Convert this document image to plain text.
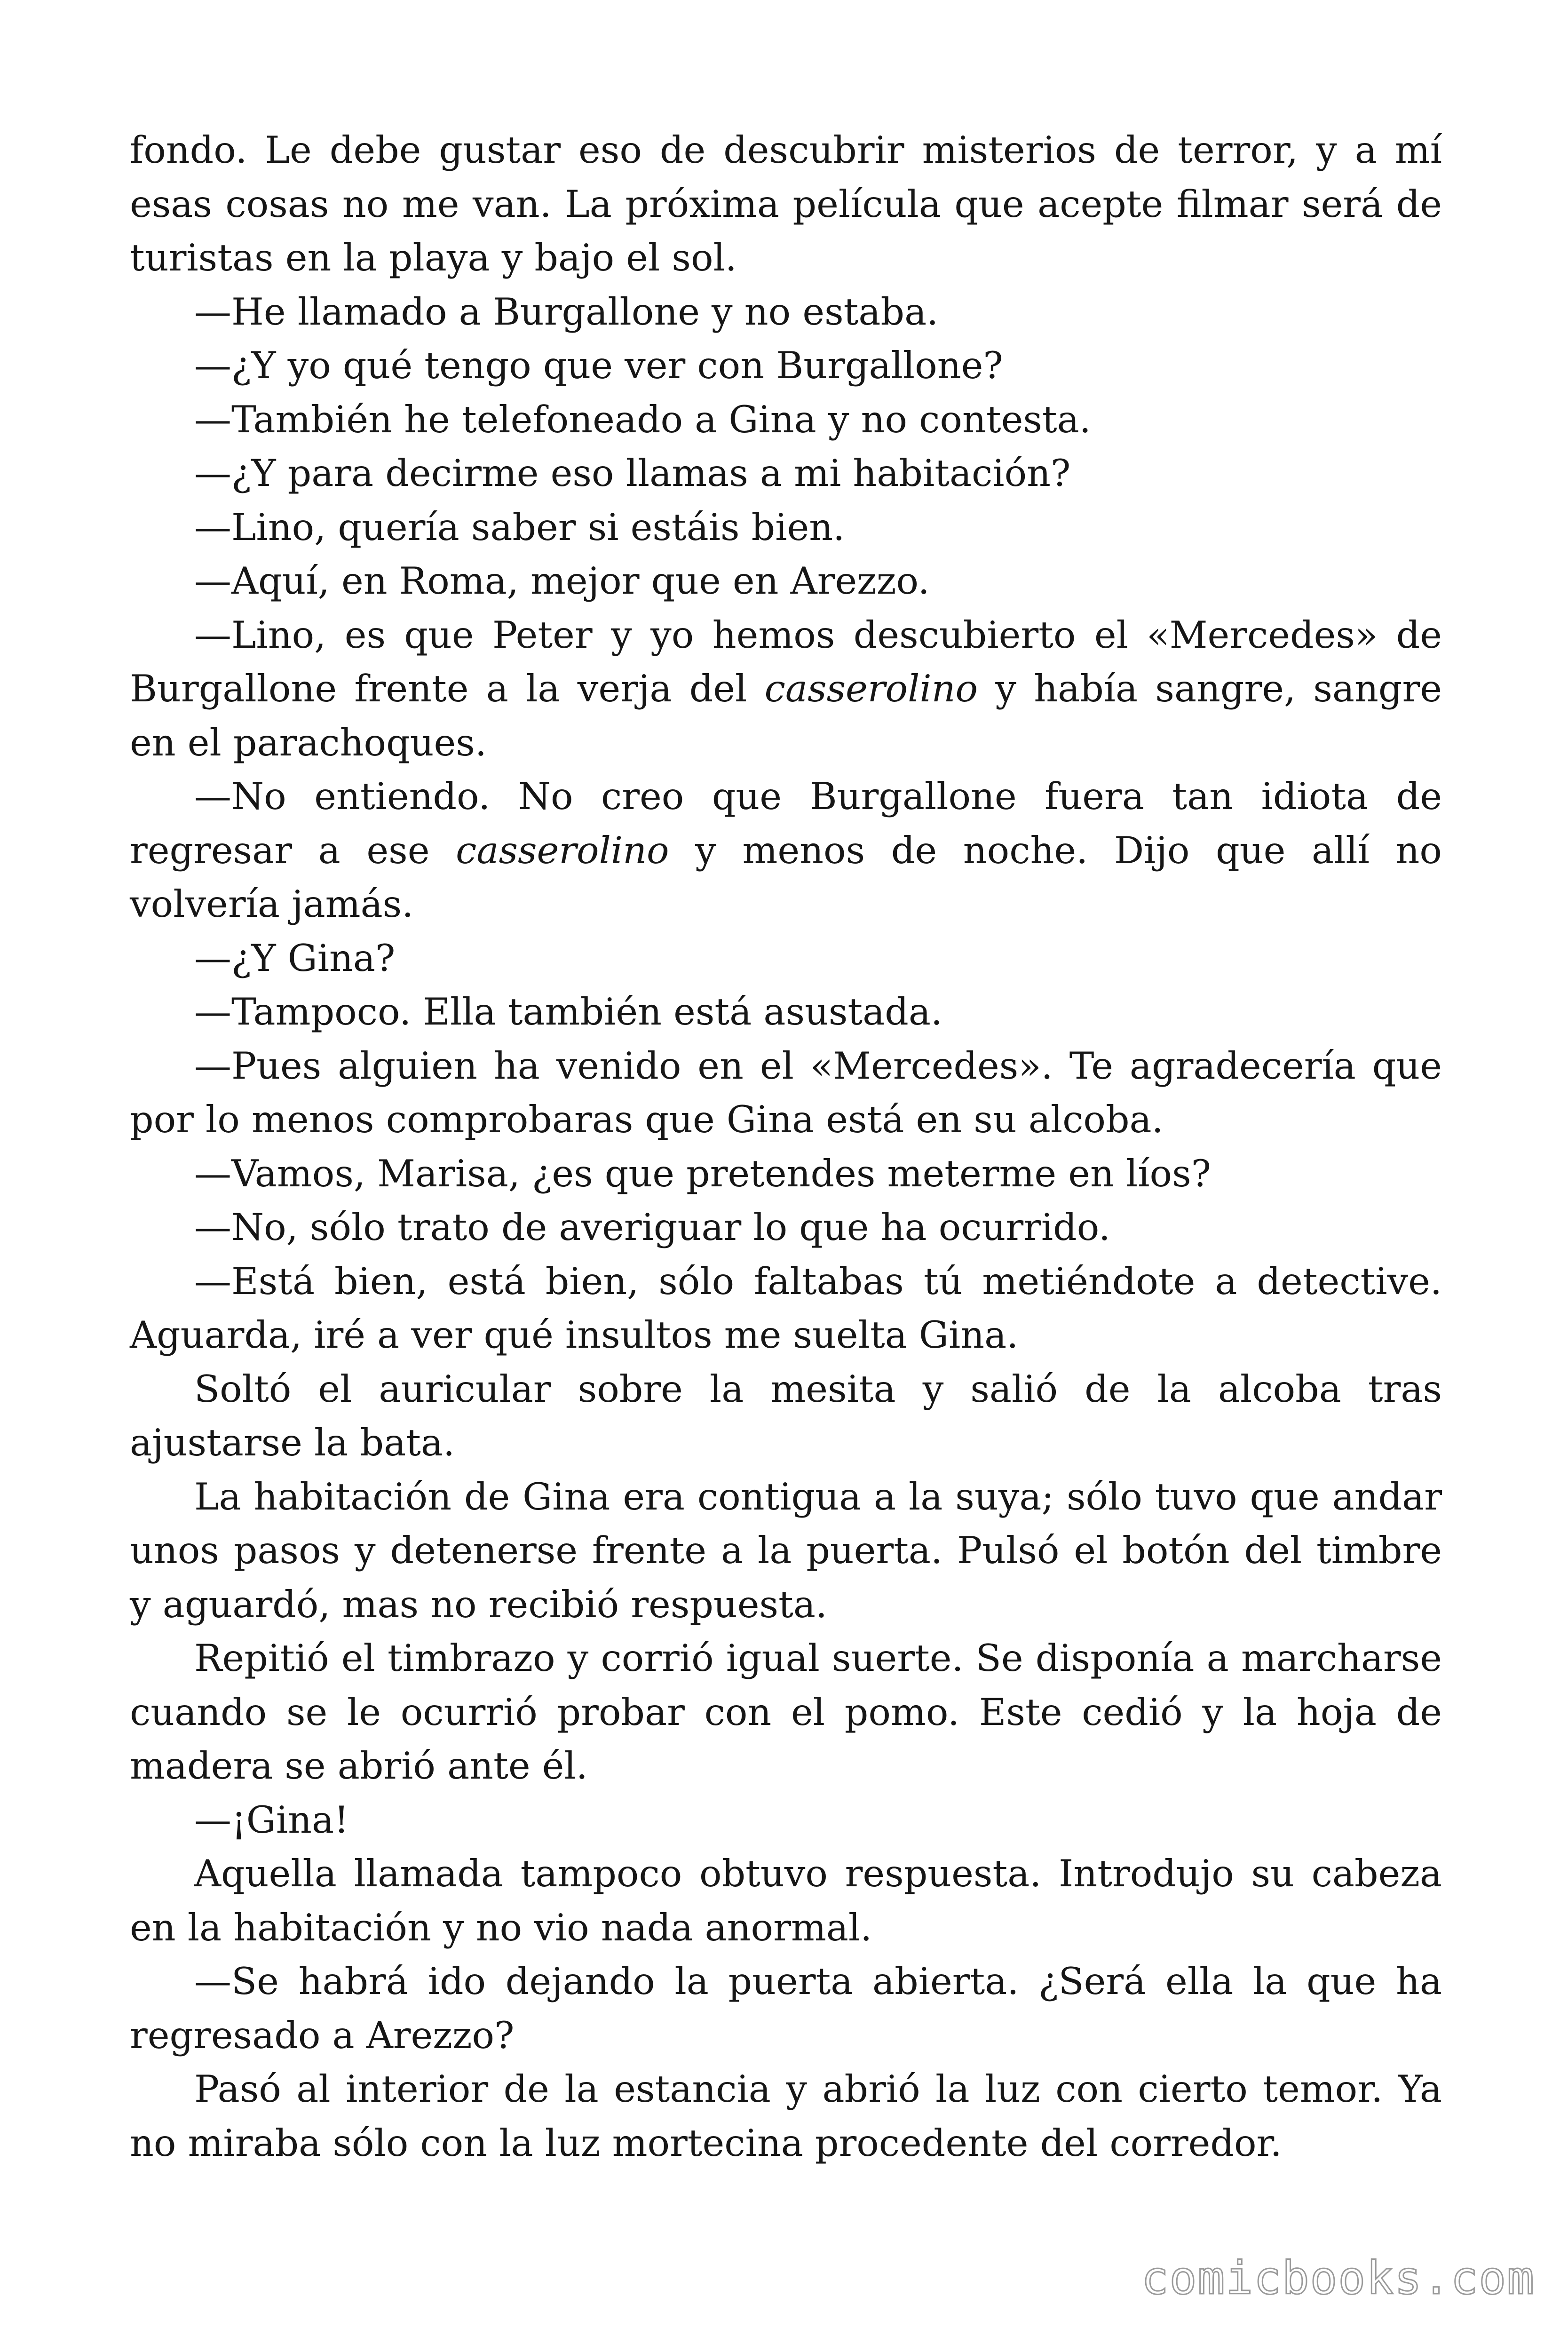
fondo. Le debe gustar eso de descubrir misterios de terror, y a mí esas cosas no me van. La próxima película que acepte filmar será de turistas en la playa y bajo el sol.

—He llamado a Burgallone y no estaba.

—¿Y yo qué tengo que ver con Burgallone?

—También he telefoneado a Gina y no contesta.

—¿Y para decirme eso llamas a mi habitación?

—Lino, quería saber si estáis bien.

—Aquí, en Roma, mejor que en Arezzo.

—Lino, es que Peter y yo hemos descubierto el «Mercedes» de Burgallone frente a la verja del casserolino y había sangre, sangre en el parachoques.

—No entiendo. No creo que Burgallone fuera tan idiota de regresar a ese casserolino y menos de noche. Dijo que allí no volvería jamás.

—¿Y Gina?

—Tampoco. Ella también está asustada.

—Pues alguien ha venido en el «Mercedes». Te agradecería que por lo menos comprobaras que Gina está en su alcoba.

—Vamos, Marisa, ¿es que pretendes meterme en líos?

—No, sólo trato de averiguar lo que ha ocurrido.

—Está bien, está bien, sólo faltabas tú metiéndote a detective. Aguarda, iré a ver qué insultos me suelta Gina.

Soltó el auricular sobre la mesita y salió de la alcoba tras ajustarse la bata.

La habitación de Gina era contigua a la suya; sólo tuvo que andar unos pasos y detenerse frente a la puerta. Pulsó el botón del timbre y aguardó, mas no recibió respuesta.

Repitió el timbrazo y corrió igual suerte. Se disponía a marcharse cuando se le ocurrió probar con el pomo. Este cedió y la hoja de madera se abrió ante él.

—¡Gina!

Aquella llamada tampoco obtuvo respuesta. Introdujo su cabeza en la habitación y no vio nada anormal.

—Se habrá ido dejando la puerta abierta. ¿Será ella la que ha regresado a Arezzo?

Pasó al interior de la estancia y abrió la luz con cierto temor. Ya no miraba sólo con la luz mortecina procedente del corredor.

comicbooks.com
